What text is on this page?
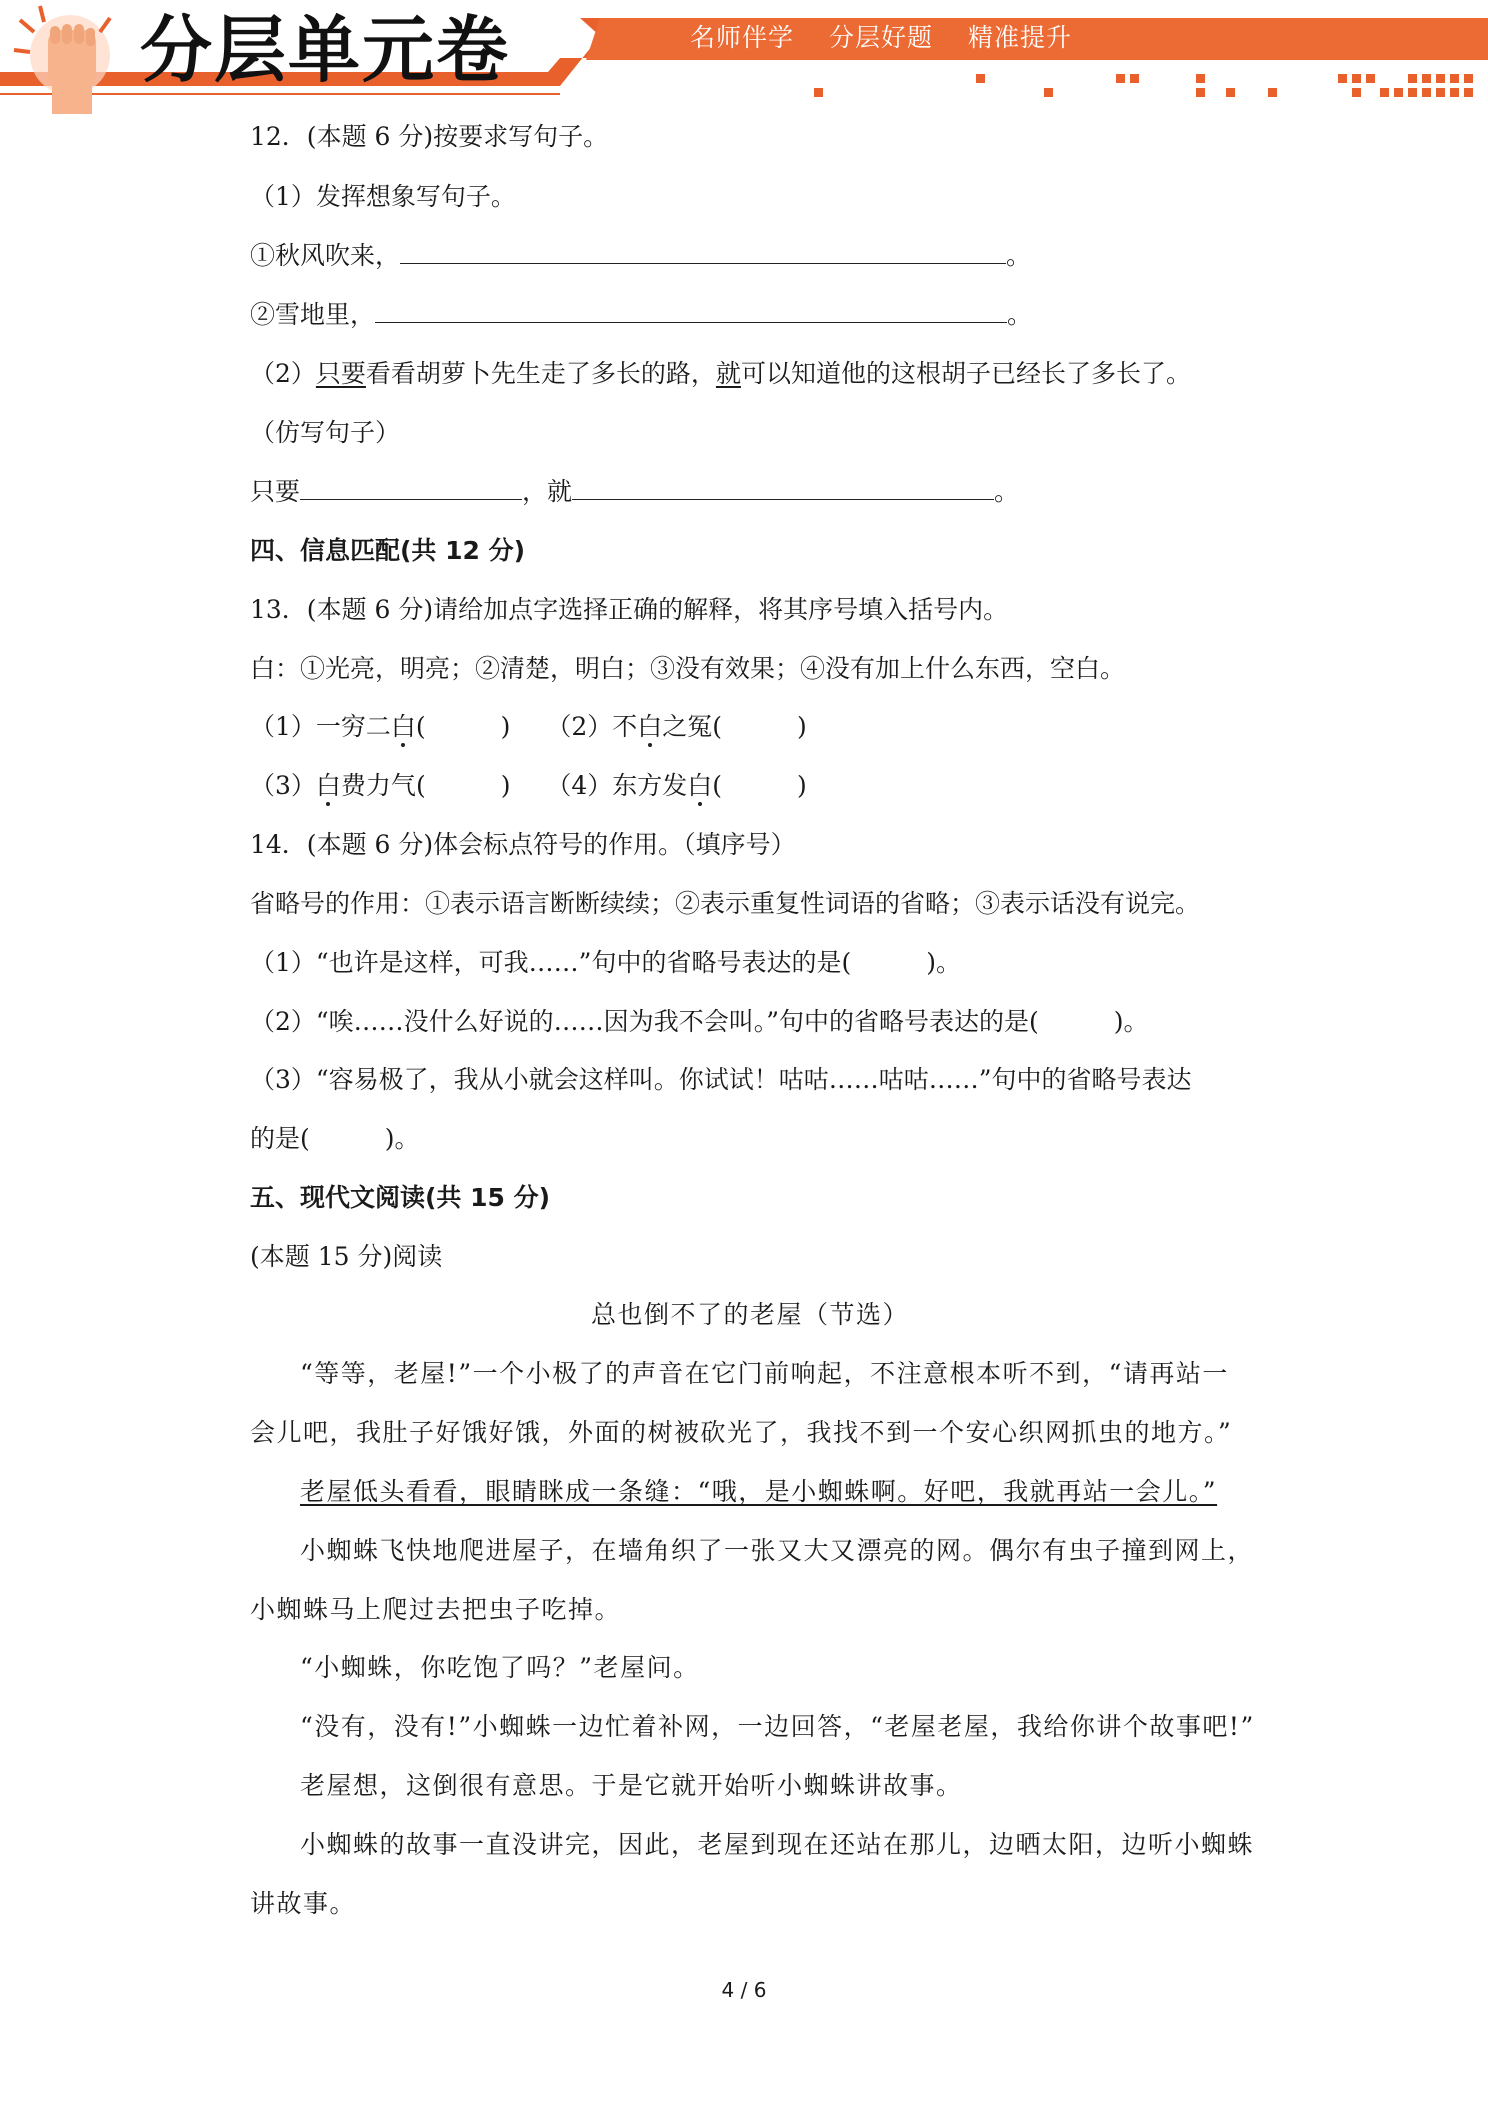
分层单元卷	名师伴学 分层好题 精准提升
12．(本题 6 分)按要求写句子。
（1）发挥想象写句子。
①秋风吹来，	。
②雪地里，	。
（2）只要看看胡萝卜先生走了多长的路，就可以知道他的这根胡子已经长了多长了。
（仿写句子）
只要	，就	。
四、信息匹配(共 12 分)
13．(本题 6 分)请给加点字选择正确的解释，将其序号填入括号内。
白：①光亮，明亮；②清楚，明白；③没有效果；④没有加上什么东西，空白。
（1）一穷二白(　　　) （2）不白之冤(　　　)
（3）白费力气(　　　) （4）东方发白(　　　)
14．(本题 6 分)体会标点符号的作用。（填序号）
省略号的作用：①表示语言断断续续；②表示重复性词语的省略；③表示话没有说完。
（1）“也许是这样，可我……”句中的省略号表达的是(　　　)。
（2）“唉……没什么好说的……因为我不会叫。”句中的省略号表达的是(　　　)。
（3）“容易极了，我从小就会这样叫。你试试！咕咕……咕咕……”句中的省略号表达
的是(　　　)。
五、现代文阅读(共 15 分)
(本题 15 分)阅读
总也倒不了的老屋（节选）
“等等，老屋!”一个小极了的声音在它门前响起，不注意根本听不到，“请再站一
会儿吧，我肚子好饿好饿，外面的树被砍光了，我找不到一个安心织网抓虫的地方。”
老屋低头看看，眼睛眯成一条缝：“哦，是小蜘蛛啊。好吧，我就再站一会儿。”
小蜘蛛飞快地爬进屋子，在墙角织了一张又大又漂亮的网。偶尔有虫子撞到网上，
小蜘蛛马上爬过去把虫子吃掉。
“小蜘蛛，你吃饱了吗？”老屋问。
“没有，没有!”小蜘蛛一边忙着补网，一边回答，“老屋老屋，我给你讲个故事吧!”
老屋想，这倒很有意思。于是它就开始听小蜘蛛讲故事。
小蜘蛛的故事一直没讲完，因此，老屋到现在还站在那儿，边晒太阳，边听小蜘蛛
讲故事。
4 / 6
